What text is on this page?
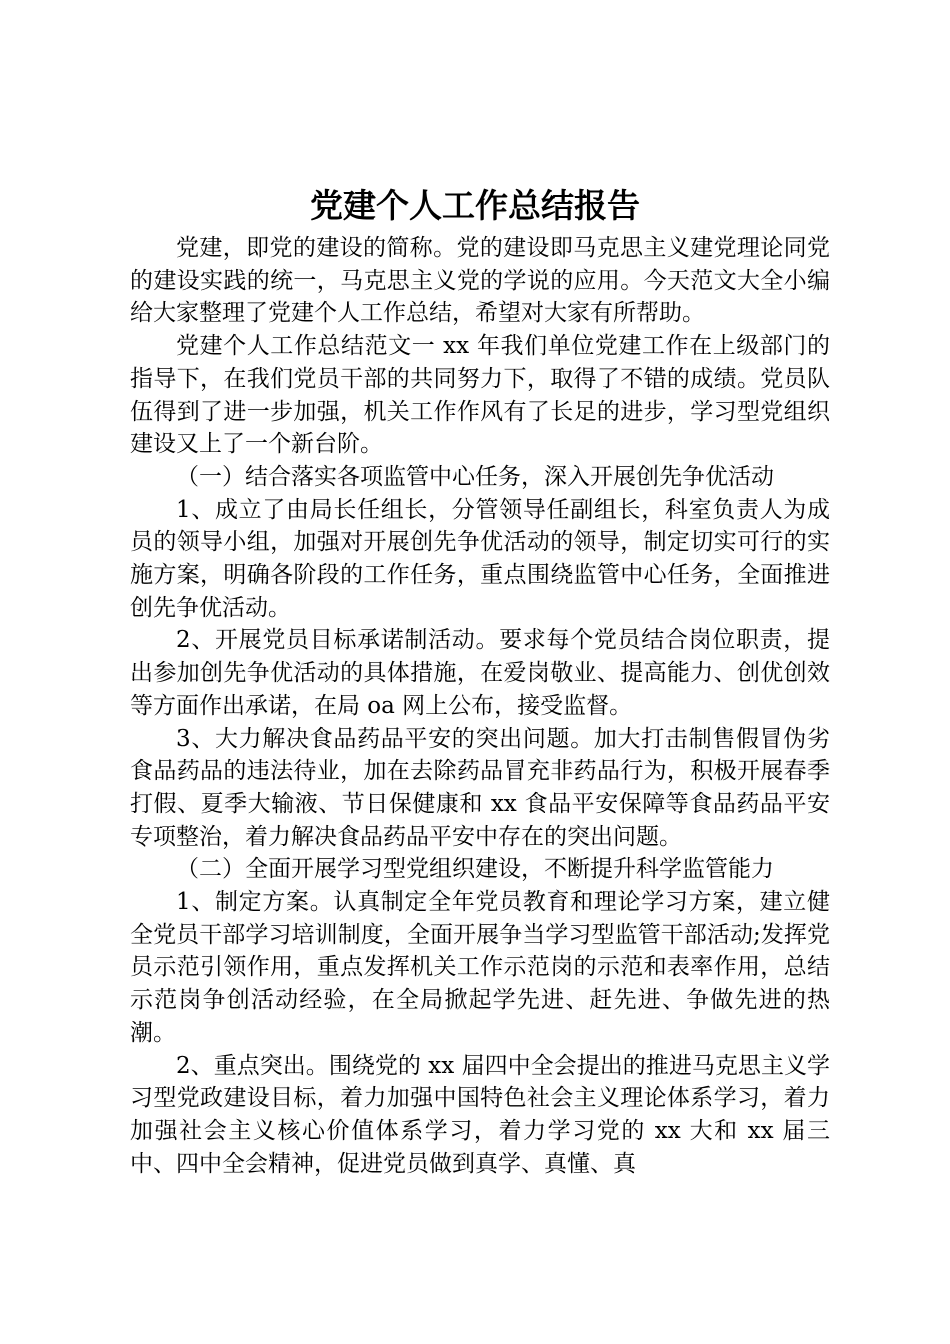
党建个人工作总结报告

党建，即党的建设的简称。党的建设即马克思主义建党理论同党的建设实践的统一，马克思主义党的学说的应用。今天范文大全小编给大家整理了党建个人工作总结，希望对大家有所帮助。

党建个人工作总结范文一 xx 年我们单位党建工作在上级部门的指导下，在我们党员干部的共同努力下，取得了不错的成绩。党员队伍得到了进一步加强，机关工作作风有了长足的进步，学习型党组织建设又上了一个新台阶。

（一）结合落实各项监管中心任务，深入开展创先争优活动

1、成立了由局长任组长，分管领导任副组长，科室负责人为成员的领导小组，加强对开展创先争优活动的领导，制定切实可行的实施方案，明确各阶段的工作任务，重点围绕监管中心任务，全面推进创先争优活动。

2、开展党员目标承诺制活动。要求每个党员结合岗位职责，提出参加创先争优活动的具体措施，在爱岗敬业、提高能力、创优创效等方面作出承诺，在局 oa 网上公布，接受监督。

3、大力解决食品药品平安的突出问题。加大打击制售假冒伪劣食品药品的违法待业，加在去除药品冒充非药品行为，积极开展春季打假、夏季大输液、节日保健康和 xx 食品平安保障等食品药品平安专项整治，着力解决食品药品平安中存在的突出问题。

（二）全面开展学习型党组织建设，不断提升科学监管能力

1、制定方案。认真制定全年党员教育和理论学习方案，建立健全党员干部学习培训制度，全面开展争当学习型监管干部活动;发挥党员示范引领作用，重点发挥机关工作示范岗的示范和表率作用，总结示范岗争创活动经验，在全局掀起学先进、赶先进、争做先进的热潮。

2、重点突出。围绕党的 xx 届四中全会提出的推进马克思主义学习型党政建设目标，着力加强中国特色社会主义理论体系学习，着力加强社会主义核心价值体系学习，着力学习党的 xx 大和 xx 届三中、四中全会精神，促进党员做到真学、真懂、真
